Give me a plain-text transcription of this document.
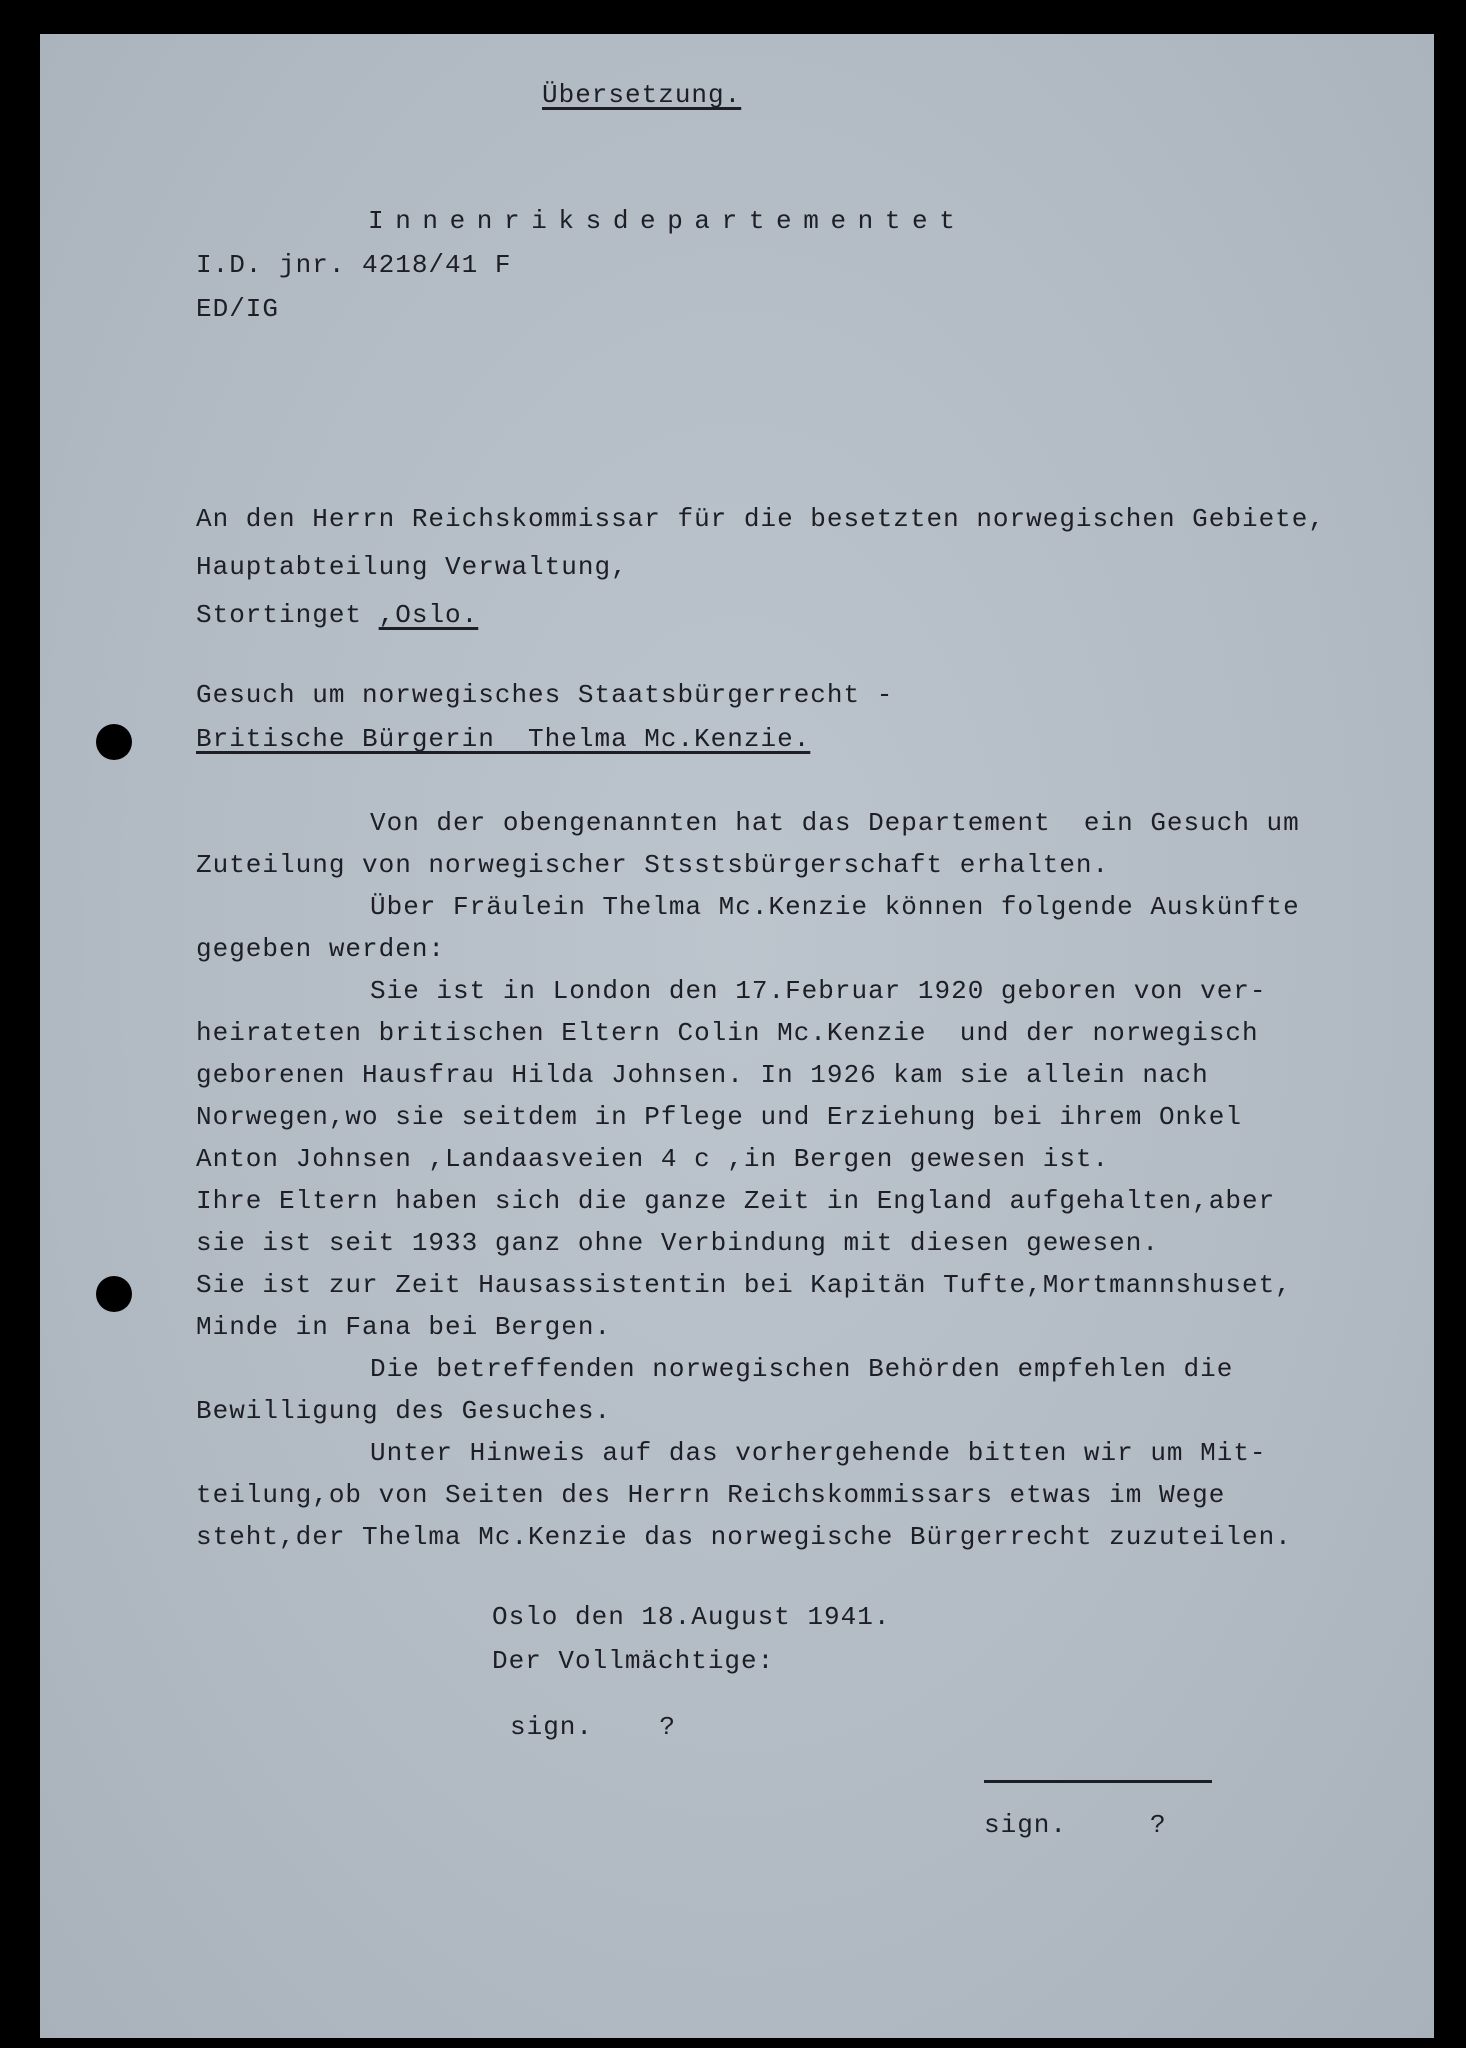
Übersetzung.
Innenriksdepartementet
I.D. jnr. 4218/41 F
ED/IG
An den Herrn Reichskommissar für die besetzten norwegischen Gebiete,
Hauptabteilung Verwaltung,
Stortinget ,Oslo.
Gesuch um norwegisches Staatsbürgerrecht -
Britische Bürgerin  Thelma Mc.Kenzie.
Von der obengenannten hat das Departement  ein Gesuch um
Zuteilung von norwegischer Stsstsbürgerschaft erhalten.
Über Fräulein Thelma Mc.Kenzie können folgende Auskünfte
gegeben werden:
Sie ist in London den 17.Februar 1920 geboren von ver-
heirateten britischen Eltern Colin Mc.Kenzie  und der norwegisch
geborenen Hausfrau Hilda Johnsen. In 1926 kam sie allein nach
Norwegen,wo sie seitdem in Pflege und Erziehung bei ihrem Onkel
Anton Johnsen ,Landaasveien 4 c ,in Bergen gewesen ist.
Ihre Eltern haben sich die ganze Zeit in England aufgehalten,aber
sie ist seit 1933 ganz ohne Verbindung mit diesen gewesen.
Sie ist zur Zeit Hausassistentin bei Kapitän Tufte,Mortmannshuset,
Minde in Fana bei Bergen.
Die betreffenden norwegischen Behörden empfehlen die
Bewilligung des Gesuches.
Unter Hinweis auf das vorhergehende bitten wir um Mit-
teilung,ob von Seiten des Herrn Reichskommissars etwas im Wege
steht,der Thelma Mc.Kenzie das norwegische Bürgerrecht zuzuteilen.
Oslo den 18.August 1941.
Der Vollmächtige:
sign.    ?
sign.     ?
